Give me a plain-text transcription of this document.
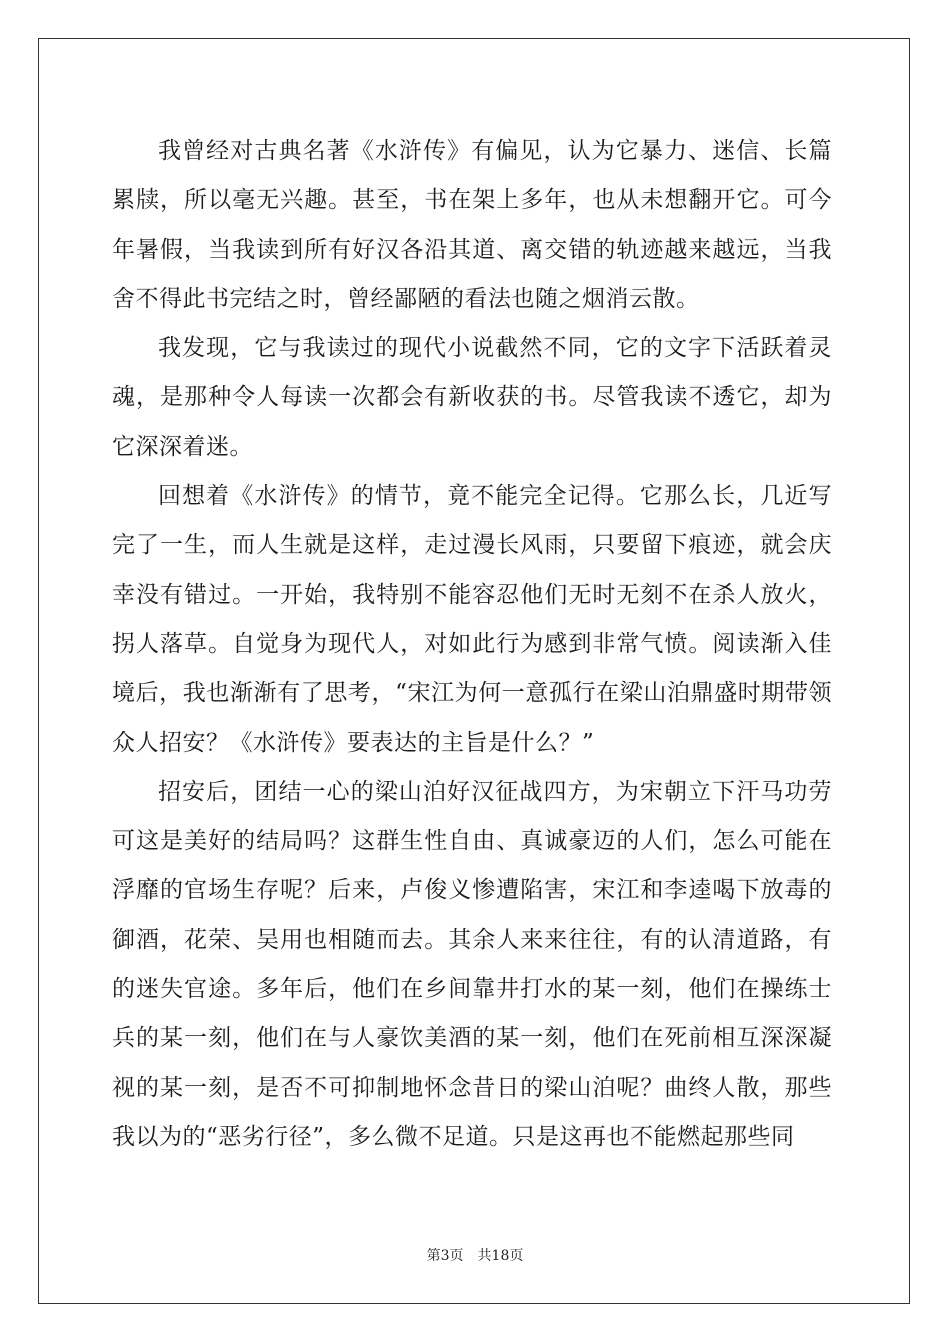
我曾经对古典名著《水浒传》有偏见，认为它暴力、迷信、长篇累牍，所以毫无兴趣。甚至，书在架上多年，也从未想翻开它。可今年暑假，当我读到所有好汉各沿其道、离交错的轨迹越来越远，当我舍不得此书完结之时，曾经鄙陋的看法也随之烟消云散。

我发现，它与我读过的现代小说截然不同，它的文字下活跃着灵魂，是那种令人每读一次都会有新收获的书。尽管我读不透它，却为它深深着迷。

回想着《水浒传》的情节，竟不能完全记得。它那么长，几近写完了一生，而人生就是这样，走过漫长风雨，只要留下痕迹，就会庆幸没有错过。一开始，我特别不能容忍他们无时无刻不在杀人放火，拐人落草。自觉身为现代人，对如此行为感到非常气愤。阅读渐入佳境后，我也渐渐有了思考，“宋江为何一意孤行在梁山泊鼎盛时期带领众人招安？《水浒传》要表达的主旨是什么？”

招安后，团结一心的梁山泊好汉征战四方，为宋朝立下汗马功劳可这是美好的结局吗？这群生性自由、真诚豪迈的人们，怎么可能在浮靡的官场生存呢？后来，卢俊义惨遭陷害，宋江和李逵喝下放毒的御酒，花荣、吴用也相随而去。其余人来来往往，有的认清道路，有的迷失官途。多年后，他们在乡间靠井打水的某一刻，他们在操练士兵的某一刻，他们在与人豪饮美酒的某一刻，他们在死前相互深深凝视的某一刻，是否不可抑制地怀念昔日的梁山泊呢？曲终人散，那些我以为的“恶劣行径”，多么微不足道。只是这再也不能燃起那些同

第3页 共18页
